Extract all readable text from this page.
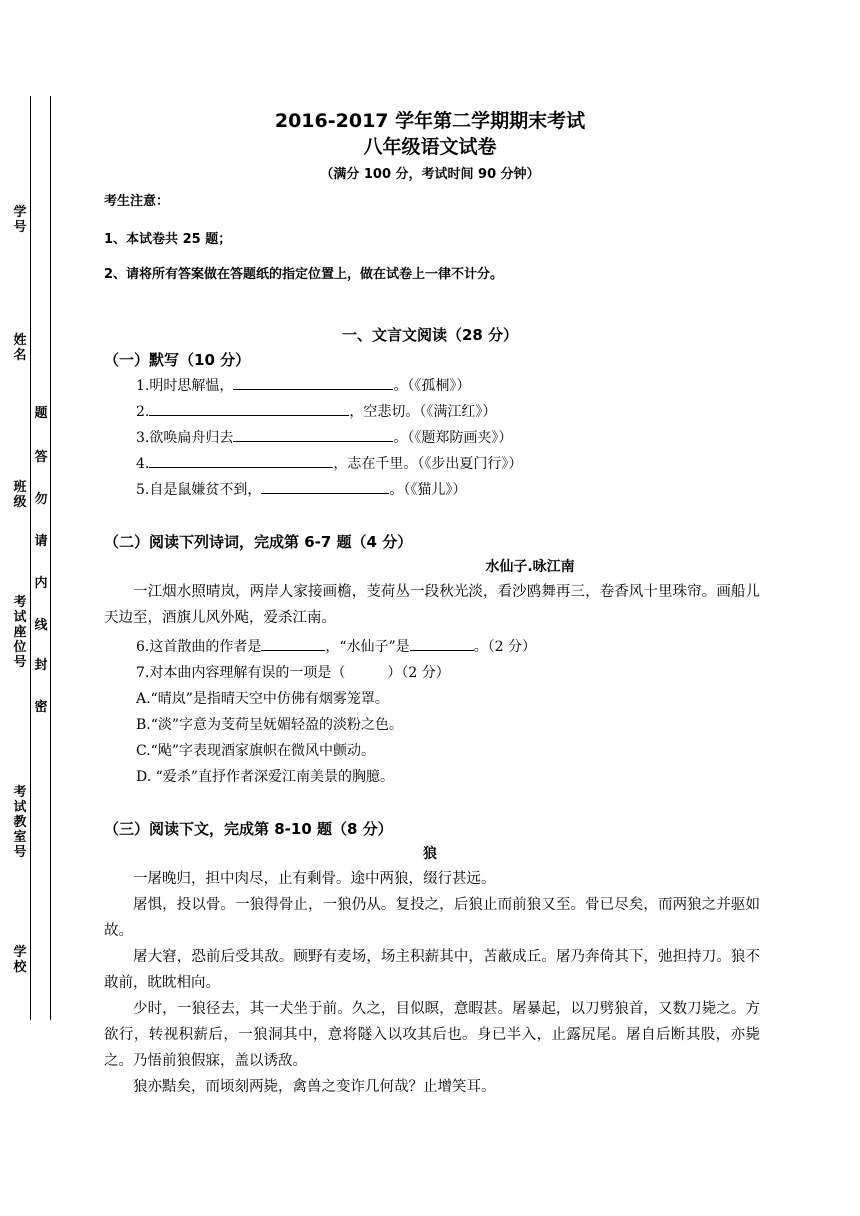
学号
姓名
班级
考试座位号
考试教室号
学校
题
答
勿
请
内
线
封
密
2016-2017 学年第二学期期末考试
八年级语文试卷
（满分 100 分，考试时间 90 分钟）
考生注意：
1、本试卷共 25 题；
2、请将所有答案做在答题纸的指定位置上，做在试卷上一律不计分。
一、文言文阅读（28 分）
（一）默写（10 分）
1.明时思解愠，	。（《孤桐》）
2.	，空悲切。（《满江红》）
3.欲唤扁舟归去	。（《题郑防画夹》）
4.	，志在千里。（《步出夏门行》）
5.自是鼠嫌贫不到，	。（《猫儿》）
（二）阅读下列诗词，完成第 6-7 题（4 分）
水仙子.咏江南
一江烟水照晴岚，两岸人家接画檐，芰荷丛一段秋光淡，看沙鸥舞再三，卷香风十里珠帘。画船儿天边至，酒旗儿风外飐，爱杀江南。
6.这首散曲的作者是	，“水仙子”是	。（2 分）
7.对本曲内容理解有误的一项是（　　　）（2 分）
A.“晴岚”是指晴天空中仿佛有烟雾笼罩。
B.“淡”字意为芰荷呈妩媚轻盈的淡粉之色。
C.“飐”字表现酒家旗帜在微风中颤动。
D. “爱杀”直抒作者深爱江南美景的胸臆。
（三）阅读下文，完成第 8-10 题（8 分）
狼
一屠晚归，担中肉尽，止有剩骨。途中两狼，缀行甚远。
屠惧，投以骨。一狼得骨止，一狼仍从。复投之，后狼止而前狼又至。骨已尽矣，而两狼之并驱如故。
屠大窘，恐前后受其敌。顾野有麦场，场主积薪其中，苫蔽成丘。屠乃奔倚其下，弛担持刀。狼不敢前，眈眈相向。
少时，一狼径去，其一犬坐于前。久之，目似瞑，意暇甚。屠暴起，以刀劈狼首，又数刀毙之。方欲行，转视积薪后，一狼洞其中，意将隧入以攻其后也。身已半入，止露尻尾。屠自后断其股，亦毙之。乃悟前狼假寐，盖以诱敌。
狼亦黠矣，而顷刻两毙，禽兽之变诈几何哉？止增笑耳。
